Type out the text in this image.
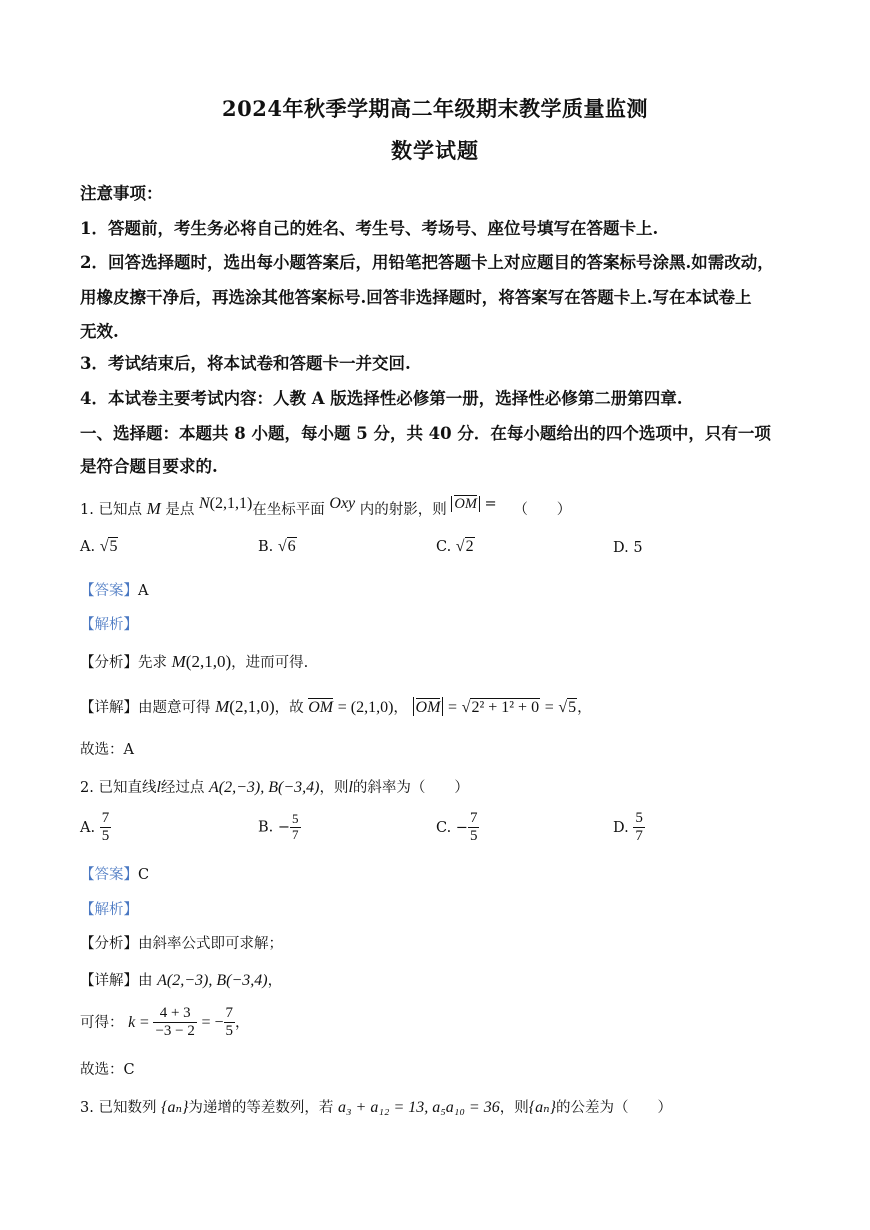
2024年秋季学期高二年级期末教学质量监测
数学试题
注意事项：
1．答题前，考生务必将自己的姓名、考生号、考场号、座位号填写在答题卡上.
2．回答选择题时，选出每小题答案后，用铅笔把答题卡上对应题目的答案标号涂黑.如需改动，
用橡皮擦干净后，再选涂其他答案标号.回答非选择题时，将答案写在答题卡上.写在本试卷上
无效.
3．考试结束后，将本试卷和答题卡一并交回.
4．本试卷主要考试内容：人教 A 版选择性必修第一册，选择性必修第二册第四章.
一、选择题：本题共 8 小题，每小题 5 分，共 40 分．在每小题给出的四个选项中，只有一项
是符合题目要求的.
1. 已知点 M 是点 N(2,1,1)在坐标平面 Oxy 内的射影，则 OM = （　　）
A. √5	B. √6	C. √2	D. 5
【答案】A
【解析】
【分析】先求 M(2,1,0)，进而可得.
【详解】由题意可得 M(2,1,0)，故 OM = (2,1,0)， OM = √2² + 1² + 0 = √5，
故选：A
2. 已知直线l经过点 A(2,−3), B(−3,4)，则l的斜率为（　　）
A. $\frac{7}{5}$	B. − $\frac{5}{7}$	C. − $\frac{7}{5}$	D. $\frac{5}{7}$
【答案】C
【解析】
【分析】由斜率公式即可求解；
【详解】由 A(2,−3), B(−3,4)，
可得： $k = \frac{4 + 3}{-3 - 2}$ = − $\frac{7}{5}$ ，
故选：C
3. 已知数列 {aₙ}为递增的等差数列，若 a₃ + a₁₂ = 13, a₅a₁₀ = 36，则{aₙ}的公差为（　　）
